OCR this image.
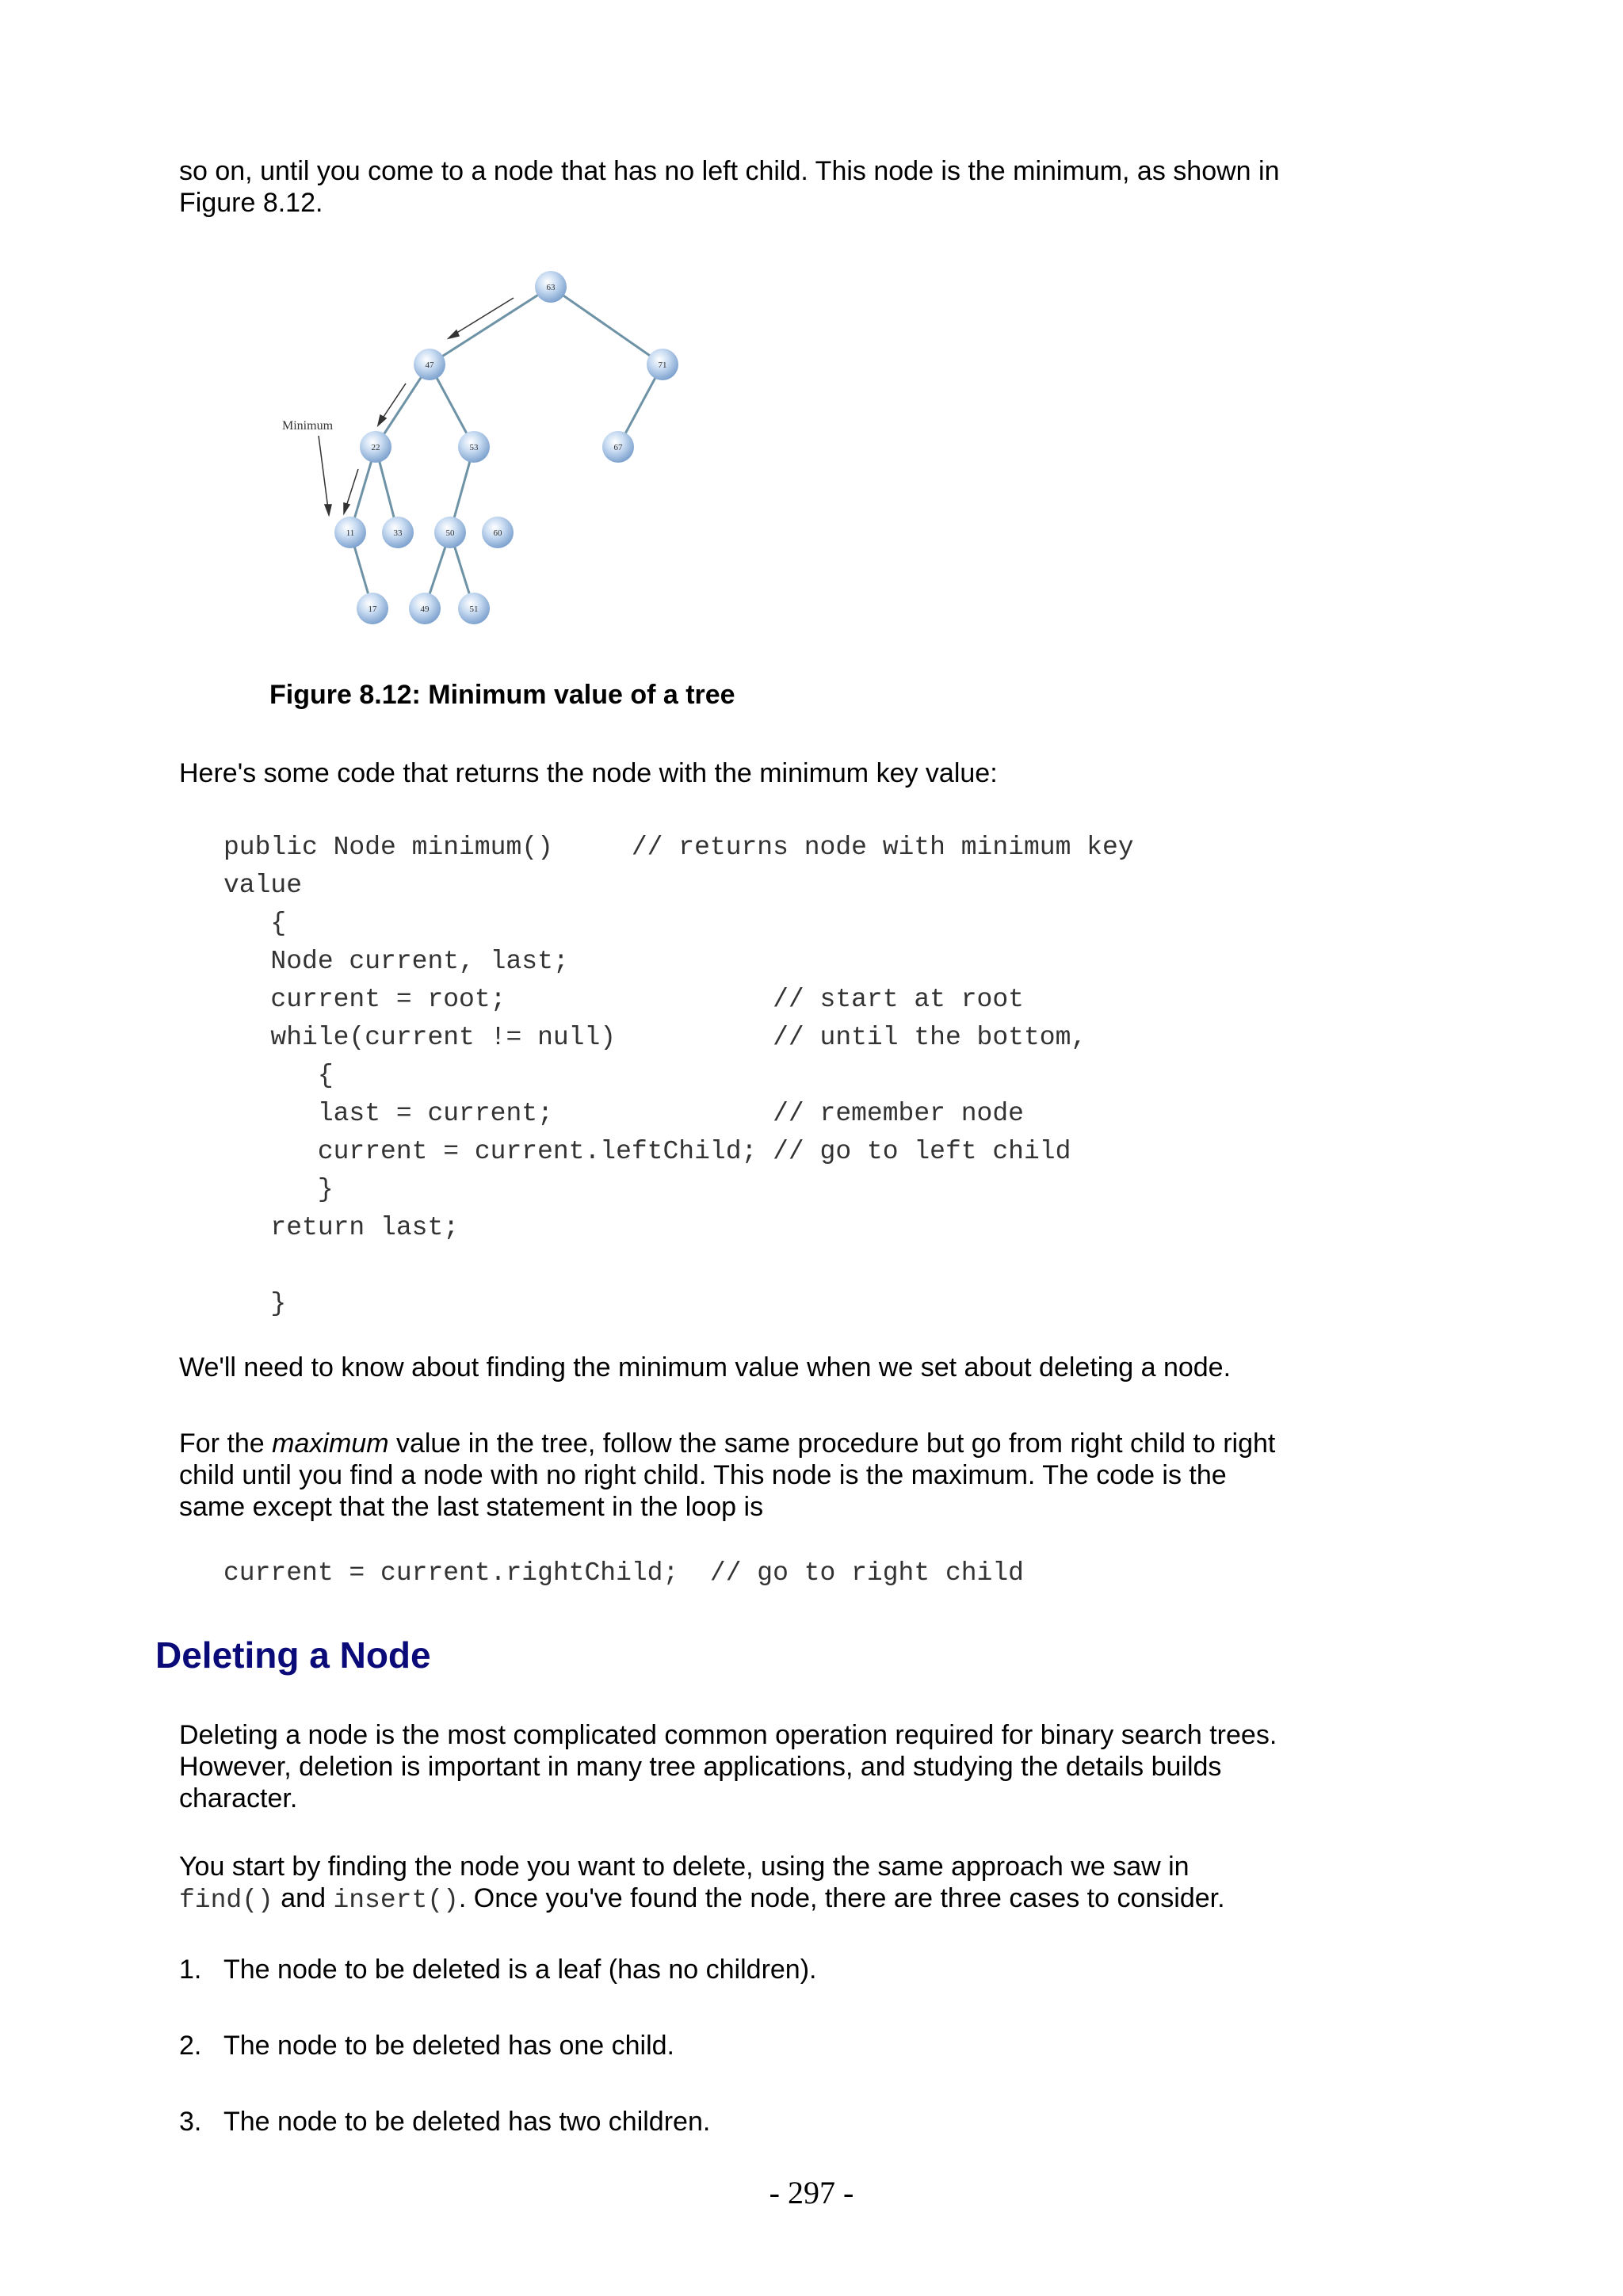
so on, until you come to a node that has no left child. This node is the minimum, as shown in Figure 8.12.

Minimum
63
47	71
22	53	67
11	33	50	60
17	49	51

Figure 8.12: Minimum value of a tree

Here's some code that returns the node with the minimum key value:

public Node minimum()     // returns node with minimum key
value
{
Node current, last;
current = root;                 // start at root
while(current != null)          // until the bottom,
{
last = current;              // remember node
current = current.leftChild; // go to left child
}
return last;

}

We'll need to know about finding the minimum value when we set about deleting a node.

For the maximum value in the tree, follow the same procedure but go from right child to right child until you find a node with no right child. This node is the maximum. The code is the same except that the last statement in the loop is

current = current.rightChild;  // go to right child
Deleting a Node

Deleting a node is the most complicated common operation required for binary search trees. However, deletion is important in many tree applications, and studying the details builds character.

You start by finding the node you want to delete, using the same approach we saw in find() and insert(). Once you've found the node, there are three cases to consider.

1. The node to be deleted is a leaf (has no children).

2. The node to be deleted has one child.

3. The node to be deleted has two children.

- 297 -
